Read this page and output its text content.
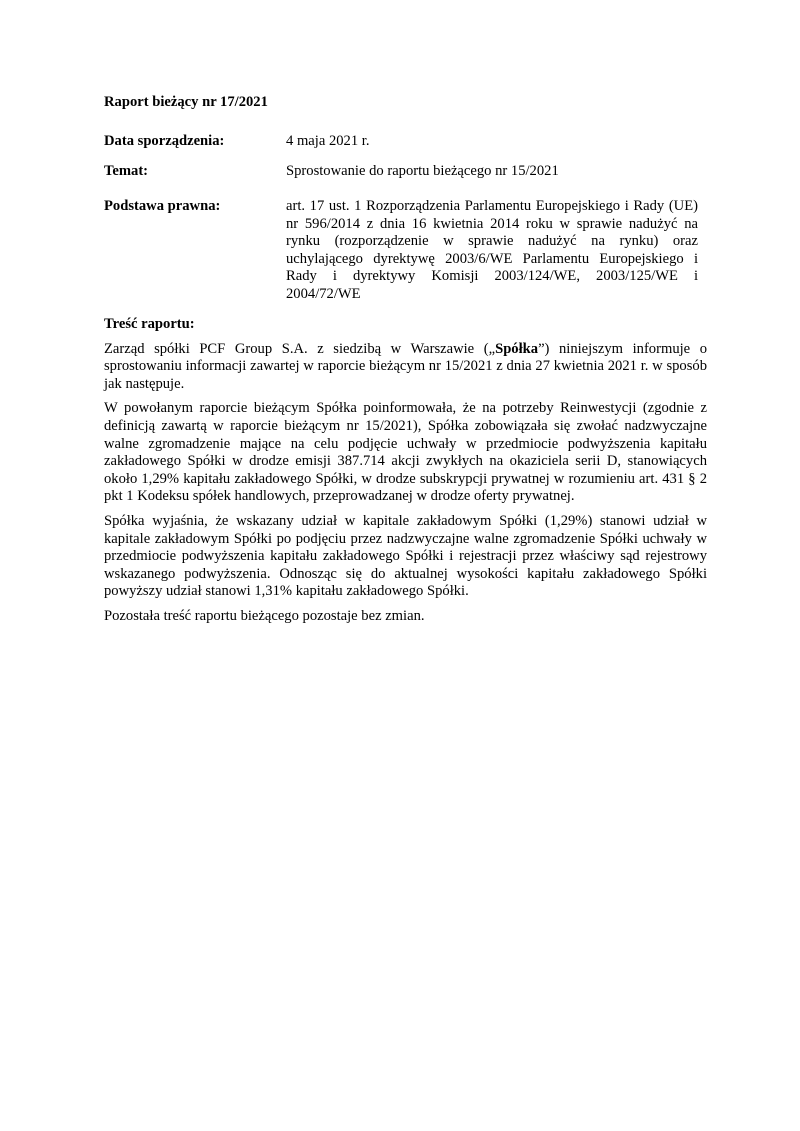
Raport bieżący nr 17/2021
Data sporządzenia:	4 maja 2021 r.
Temat:	Sprostowanie do raportu bieżącego nr 15/2021
Podstawa prawna:	art. 17 ust. 1 Rozporządzenia Parlamentu Europejskiego i Rady (UE) nr 596/2014 z dnia 16 kwietnia 2014 roku w sprawie nadużyć na rynku (rozporządzenie w sprawie nadużyć na rynku) oraz uchylającego dyrektywę 2003/6/WE Parlamentu Europejskiego i Rady i dyrektywy Komisji 2003/124/WE, 2003/125/WE i 2004/72/WE
Treść raportu:

Zarząd spółki PCF Group S.A. z siedzibą w Warszawie („Spółka”) niniejszym informuje o sprostowaniu informacji zawartej w raporcie bieżącym nr 15/2021 z dnia 27 kwietnia 2021 r. w sposób jak następuje.

W powołanym raporcie bieżącym Spółka poinformowała, że na potrzeby Reinwestycji (zgodnie z definicją zawartą w raporcie bieżącym nr 15/2021), Spółka zobowiązała się zwołać nadzwyczajne walne zgromadzenie mające na celu podjęcie uchwały w przedmiocie podwyższenia kapitału zakładowego Spółki w drodze emisji 387.714 akcji zwykłych na okaziciela serii D, stanowiących około 1,29% kapitału zakładowego Spółki, w drodze subskrypcji prywatnej w rozumieniu art. 431 § 2 pkt 1 Kodeksu spółek handlowych, przeprowadzanej w drodze oferty prywatnej.

Spółka wyjaśnia, że wskazany udział w kapitale zakładowym Spółki (1,29%) stanowi udział w kapitale zakładowym Spółki po podjęciu przez nadzwyczajne walne zgromadzenie Spółki uchwały w przedmiocie podwyższenia kapitału zakładowego Spółki i rejestracji przez właściwy sąd rejestrowy wskazanego podwyższenia. Odnosząc się do aktualnej wysokości kapitału zakładowego Spółki powyższy udział stanowi 1,31% kapitału zakładowego Spółki.

Pozostała treść raportu bieżącego pozostaje bez zmian.
